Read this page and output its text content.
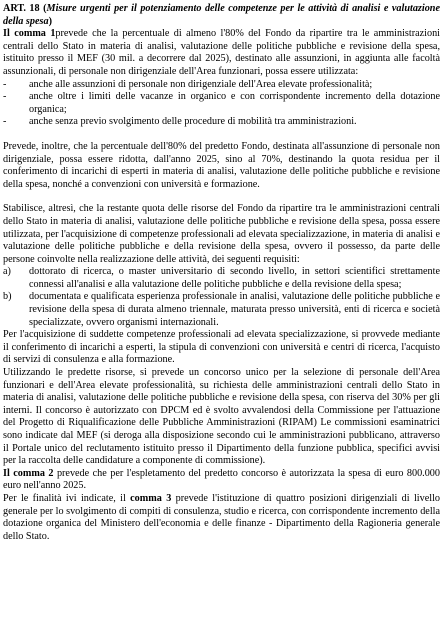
ART. 18 (Misure urgenti per il potenziamento delle competenze per le attività di analisi e valutazione della spesa)

Il comma 1prevede che la percentuale di almeno l'80% del Fondo da ripartire tra le amministrazioni centrali dello Stato in materia di analisi, valutazione delle politiche pubbliche e revisione della spesa, istituito presso il MEF (30 mil. a decorrere dal 2025), destinato alle assunzioni, in aggiunta alle facoltà assunzionali, di personale non dirigenziale dell'Area funzionari, possa essere utilizzata:

-	anche alle assunzioni di personale non dirigenziale dell'Area elevate professionalità;
-	anche oltre i limiti delle vacanze in organico e con corrispondente incremento della dotazione organica;
-	anche senza previo svolgimento delle procedure di mobilità tra amministrazioni.

Prevede, inoltre, che la percentuale dell'80% del predetto Fondo, destinata all'assunzione di personale non dirigenziale, possa essere ridotta, dall'anno 2025, sino al 70%, destinando la quota residua per il conferimento di incarichi di esperti in materia di analisi, valutazione delle politiche pubbliche e revisione della spesa, nonché a convenzioni con università e formazione.

Stabilisce, altresì, che la restante quota delle risorse del Fondo da ripartire tra le amministrazioni centrali dello Stato in materia di analisi, valutazione delle politiche pubbliche e revisione della spesa, possa essere utilizzata, per l'acquisizione di competenze professionali ad elevata specializzazione, in materia di analisi e valutazione delle politiche pubbliche e della revisione della spesa, ovvero il possesso, da parte delle persone coinvolte nella realizzazione delle attività, dei seguenti requisiti:

a)	dottorato di ricerca, o master universitario di secondo livello, in settori scientifici strettamente connessi all'analisi e alla valutazione delle politiche pubbliche e della revisione della spesa;
b)	documentata e qualificata esperienza professionale in analisi, valutazione delle politiche pubbliche e revisione della spesa di durata almeno triennale, maturata presso università, enti di ricerca e società specializzate, ovvero organismi internazionali.

Per l'acquisizione di suddette competenze professionali ad elevata specializzazione, si provvede mediante il conferimento di incarichi a esperti, la stipula di convenzioni con università e centri di ricerca, l'acquisto di servizi di consulenza e alla formazione.

Utilizzando le predette risorse, si prevede un concorso unico per la selezione di personale dell'Area funzionari e dell'Area elevate professionalità, su richiesta delle amministrazioni centrali dello Stato in materia di analisi, valutazione delle politiche pubbliche e revisione della spesa, con riserva del 30% per gli interni. Il concorso è autorizzato con DPCM ed è svolto avvalendosi della Commissione per l'attuazione del Progetto di Riqualificazione delle Pubbliche Amministrazioni (RIPAM) Le commissioni esaminatrici sono indicate dal MEF (si deroga alla disposizione secondo cui le amministrazioni pubblicano, attraverso il Portale unico del reclutamento istituito presso il Dipartimento della funzione pubblica, specifici avvisi per la raccolta delle candidature a componente di commissione).

Il comma 2 prevede che per l'espletamento del predetto concorso è autorizzata la spesa di euro 800.000 euro nell'anno 2025.

Per le finalità ivi indicate, il comma 3 prevede l'istituzione di quattro posizioni dirigenziali di livello generale per lo svolgimento di compiti di consulenza, studio e ricerca, con corrispondente incremento della dotazione organica del Ministero dell'economia e delle finanze - Dipartimento della Ragioneria generale dello Stato.
